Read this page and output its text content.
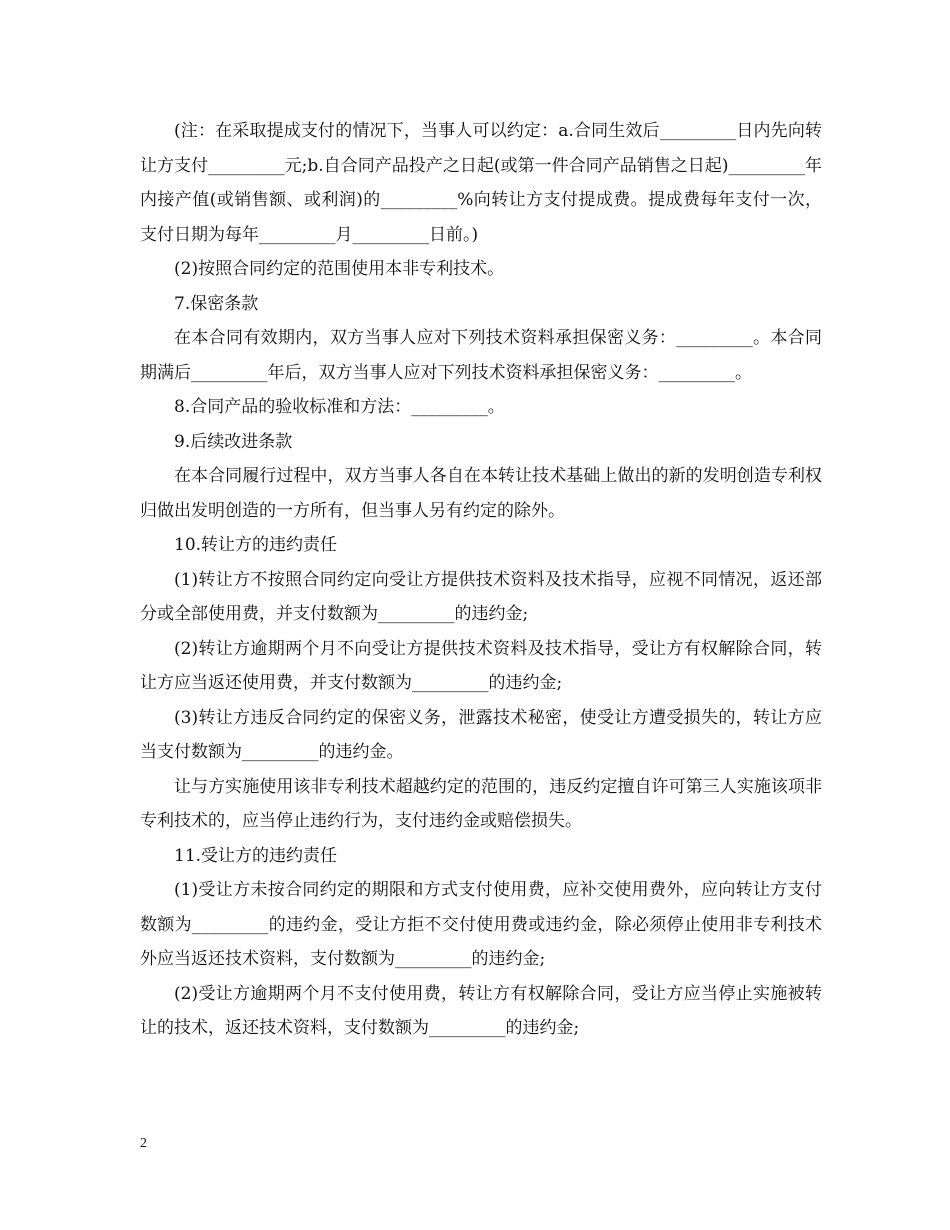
(注：在采取提成支付的情况下，当事人可以约定：a.合同生效后_________日内先向转让方支付_________元;b.自合同产品投产之日起(或第一件合同产品销售之日起)_________年内接产值(或销售额、或利润)的_________%向转让方支付提成费。提成费每年支付一次，支付日期为每年_________月_________日前。)

(2)按照合同约定的范围使用本非专利技术。

7.保密条款

在本合同有效期内，双方当事人应对下列技术资料承担保密义务：_________。本合同期满后_________年后，双方当事人应对下列技术资料承担保密义务：_________。

8.合同产品的验收标准和方法：_________。

9.后续改进条款

在本合同履行过程中，双方当事人各自在本转让技术基础上做出的新的发明创造专利权归做出发明创造的一方所有，但当事人另有约定的除外。

10.转让方的违约责任

(1)转让方不按照合同约定向受让方提供技术资料及技术指导，应视不同情况，返还部分或全部使用费，并支付数额为_________的违约金;

(2)转让方逾期两个月不向受让方提供技术资料及技术指导，受让方有权解除合同，转让方应当返还使用费，并支付数额为_________的违约金;

(3)转让方违反合同约定的保密义务，泄露技术秘密，使受让方遭受损失的，转让方应当支付数额为_________的违约金。

让与方实施使用该非专利技术超越约定的范围的，违反约定擅自许可第三人实施该项非专利技术的，应当停止违约行为，支付违约金或赔偿损失。

11.受让方的违约责任

(1)受让方未按合同约定的期限和方式支付使用费，应补交使用费外，应向转让方支付数额为_________的违约金，受让方拒不交付使用费或违约金，除必须停止使用非专利技术外应当返还技术资料，支付数额为_________的违约金;

(2)受让方逾期两个月不支付使用费，转让方有权解除合同，受让方应当停止实施被转让的技术，返还技术资料，支付数额为_________的违约金;

2
